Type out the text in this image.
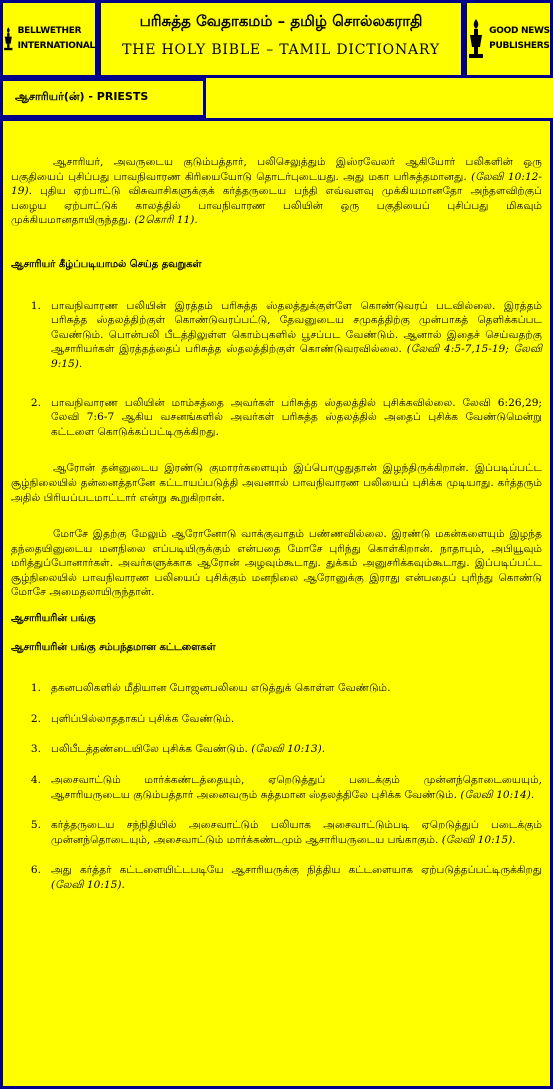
BELLWETHER
INTERNATIONAL
பரிசுத்த வேதாகமம் – தமிழ் சொல்லகராதி
THE HOLY BIBLE – TAMIL DICTIONARY
GOOD NEWS
PUBLISHERS
ஆசாரியர்(ன்) - PRIESTS

ஆசாரியர், அவருடைய குடும்பத்தார், பலிசெலுத்தும் இஸ்ரவேலர் ஆகியோர் பலிகளின் ஒரு பகுதியைப் புசிப்பது பாவநிவாரண கிரியையோடு தொடர்புடையது. அது மகா பரிசுத்தமானது. (லேவி 10:12-19). புதிய ஏற்பாட்டு விசுவாசிகளுக்குக் கர்த்தருடைய பந்தி எவ்வளவு முக்கியமானதோ அந்தளவிற்குப் பழைய ஏற்பாட்டுக் காலத்தில் பாவநிவாரண பலியின் ஒரு பகுதியைப் புசிப்பது மிகவும் முக்கியமானதாயிருந்தது. (2கொரி 11).

ஆசாரியர் கீழ்ப்படியாமல் செய்த தவறுகள்
1. பாவநிவாரண பலியின் இரத்தம் பரிசுத்த ஸ்தலத்துக்குள்ளே கொண்டுவரப் படவில்லை. இரத்தம் பரிசுத்த ஸ்தலத்திற்குள் கொண்டுவரப்பட்டு, தேவனுடைய சமுகத்திற்கு முன்பாகத் தெளிக்கப்பட வேண்டும். பொன்பலி பீடத்திலுள்ள கொம்புகளில் பூசப்பட வேண்டும். ஆனால் இதைச் செய்வதற்கு ஆசாரியர்கள் இரத்தத்தைப் பரிசுத்த ஸ்தலத்திற்குள் கொண்டுவரவில்லை. (லேவி 4:5-7,15-19; லேவி 9:15).
2. பாவநிவாரண பலியின் மாம்சத்தை அவர்கள் பரிசுத்த ஸ்தலத்தில் புசிக்கவில்லை. லேவி 6:26,29; லேவி 7:6-7 ஆகிய வசனங்களில் அவர்கள் பரிசுத்த ஸ்தலத்தில் அதைப் புசிக்க வேண்டுமென்று கட்டளை கொடுக்கப்பட்டிருக்கிறது.

ஆரோன் தன்னுடைய இரண்டு குமாரர்களையும் இப்பொழுதுதான் இழந்திருக்கிறான். இப்படிப்பட்ட சூழ்நிலையில் தன்னைத்தானே கட்டாயப்படுத்தி அவனால் பாவநிவாரண பலியைப் புசிக்க முடியாது. கர்த்தரும் அதில் பிரியப்படமாட்டார் என்று கூறுகிறான்.

மோசே இதற்கு மேலும் ஆரோனோடு வாக்குவாதம் பண்ணவில்லை. இரண்டு மகன்களையும் இழந்த தந்தையினுடைய மனநிலை எப்படியிருக்கும் என்பதை மோசே புரிந்து கொள்கிறான். நாதாபும், அபியூவும் மரித்துப்போனார்கள். அவர்களுக்காக ஆரோன் அழவும்கூடாது. துக்கம் அனுசரிக்கவும்கூடாது. இப்படிப்பட்ட சூழ்நிலையில் பாவநிவாரண பலியைப் புசிக்கும் மனநிலை ஆரோனுக்கு இராது என்பதைப் புரிந்து கொண்டு மோசே அமைதலாயிருந்தான்.

ஆசாரியரின் பங்கு
ஆசாரியரின் பங்கு சம்பந்தமான கட்டளைகள்
1. தகனபலிகளில் மீதியான போஜனபலியை எடுத்துக் கொள்ள வேண்டும்.
2. புளிப்பில்லாததாகப் புசிக்க வேண்டும்.
3. பலிபீடத்தண்டையிலே புசிக்க வேண்டும். (லேவி 10:13).
4. அசைவாட்டும் மார்க்கண்டத்தையும், ஏறெடுத்துப் படைக்கும் முன்னந்தொடையையும், ஆசாரியருடைய குடும்பத்தார் அனைவரும் சுத்தமான ஸ்தலத்திலே புசிக்க வேண்டும். (லேவி 10:14).
5. கர்த்தருடைய சந்நிதியில் அசைவாட்டும் பலியாக அசைவாட்டும்படி ஏறெடுத்துப் படைக்கும் முன்னந்தொடையும், அசைவாட்டும் மார்க்கண்டமும் ஆசாரியருடைய பங்காகும். (லேவி 10:15).
6. அது கர்த்தர் கட்டளையிட்டபடியே ஆசாரியருக்கு நித்திய கட்டளையாக ஏற்படுத்தப்பட்டிருக்கிறது (லேவி 10:15).
